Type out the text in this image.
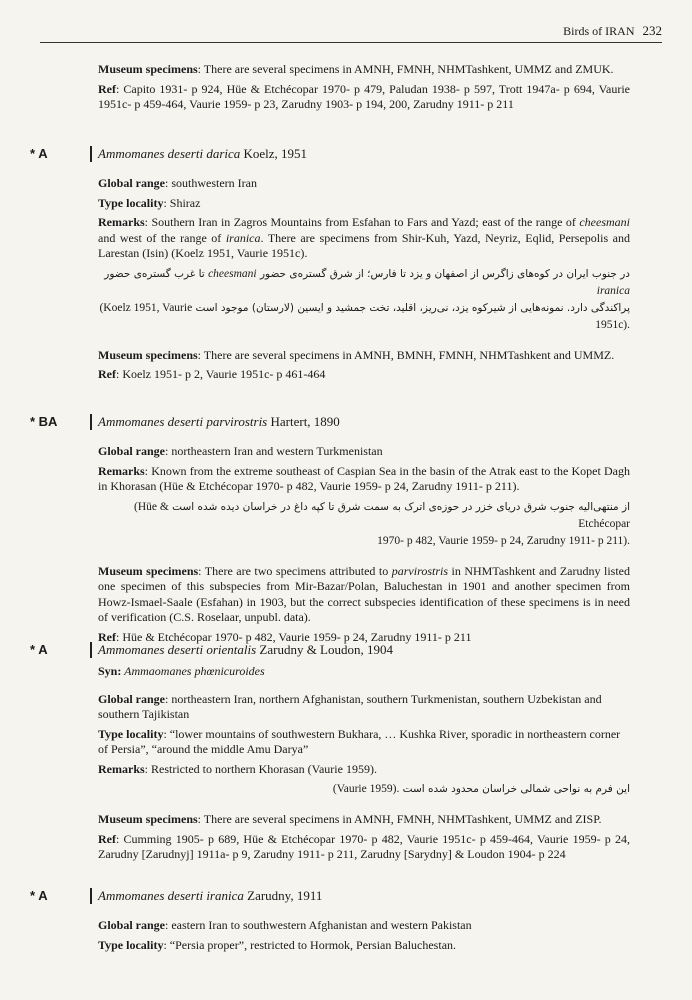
Birds of IRAN 232

Museum specimens: There are several specimens in AMNH, FMNH, NHMTashkent, UMMZ and ZMUK.

Ref: Capito 1931- p 924, Hüe & Etchécopar 1970- p 479, Paludan 1938- p 597, Trott 1947a- p 694, Vaurie 1951c- p 459-464, Vaurie 1959- p 23, Zarudny 1903- p 194, 200, Zarudny 1911- p 211

* A	Ammomanes deserti darica Koelz, 1951

Global range: southwestern Iran

Type locality: Shiraz

Remarks: Southern Iran in Zagros Mountains from Esfahan to Fars and Yazd; east of the range of cheesmani and west of the range of iranica. There are specimens from Shir-Kuh, Yazd, Neyriz, Eqlid, Persepolis and Larestan (Isin) (Koelz 1951, Vaurie 1951c).

در جنوب ایران در کوه‌های زاگرس از اصفهان و یزد تا فارس؛ از شرق گستره‌ی حضور cheesmani تا غرب گستره‌ی حضور iranica
پراکندگی دارد. نمونه‌هایی از شیرکوه یزد، نی‌ریز، اقلید، تخت جمشید و ایسین (لارستان) موجود است (Koelz 1951, Vaurie 1951c).

Museum specimens: There are several specimens in AMNH, BMNH, FMNH, NHMTashkent and UMMZ.

Ref: Koelz 1951- p 2, Vaurie 1951c- p 461-464

* BA	Ammomanes deserti parvirostris Hartert, 1890

Global range: northeastern Iran and western Turkmenistan

Remarks: Known from the extreme southeast of Caspian Sea in the basin of the Atrak east to the Kopet Dagh in Khorasan (Hüe & Etchécopar 1970- p 482, Vaurie 1959- p 24, Zarudny 1911- p 211).

از منتهی‌الیه جنوب شرق دریای خزر در حوزه‌ی اترک به سمت شرق تا کپه داغ در خراسان دیده شده است (Hüe & Etchécopar
1970- p 482, Vaurie 1959- p 24, Zarudny 1911- p 211).

Museum specimens: There are two specimens attributed to parvirostris in NHMTashkent and Zarudny listed one specimen of this subspecies from Mir-Bazar/Polan, Baluchestan in 1901 and another specimen from Howz-Ismael-Saale (Esfahan) in 1903, but the correct subspecies identification of these specimens is in need of verification (C.S. Roselaar, unpubl. data).

Ref: Hüe & Etchécopar 1970- p 482, Vaurie 1959- p 24, Zarudny 1911- p 211

* A	Ammomanes deserti orientalis Zarudny & Loudon, 1904

Syn: Ammaomanes phœnicuroides

Global range: northeastern Iran, northern Afghanistan, southern Turkmenistan, southern Uzbekistan and southern Tajikistan

Type locality: “lower mountains of southwestern Bukhara, … Kushka River, sporadic in northeastern corner of Persia”, “around the middle Amu Darya”

Remarks: Restricted to northern Khorasan (Vaurie 1959).

این فرم به نواحی شمالی خراسان محدود شده است (Vaurie 1959).

Museum specimens: There are several specimens in AMNH, FMNH, NHMTashkent, UMMZ and ZISP.

Ref: Cumming 1905- p 689, Hüe & Etchécopar 1970- p 482, Vaurie 1951c- p 459-464, Vaurie 1959- p 24, Zarudny [Zarudnyj] 1911a- p 9, Zarudny 1911- p 211, Zarudny [Sarydny] & Loudon 1904- p 224

* A	Ammomanes deserti iranica Zarudny, 1911

Global range: eastern Iran to southwestern Afghanistan and western Pakistan

Type locality: “Persia proper”, restricted to Hormok, Persian Baluchestan.
